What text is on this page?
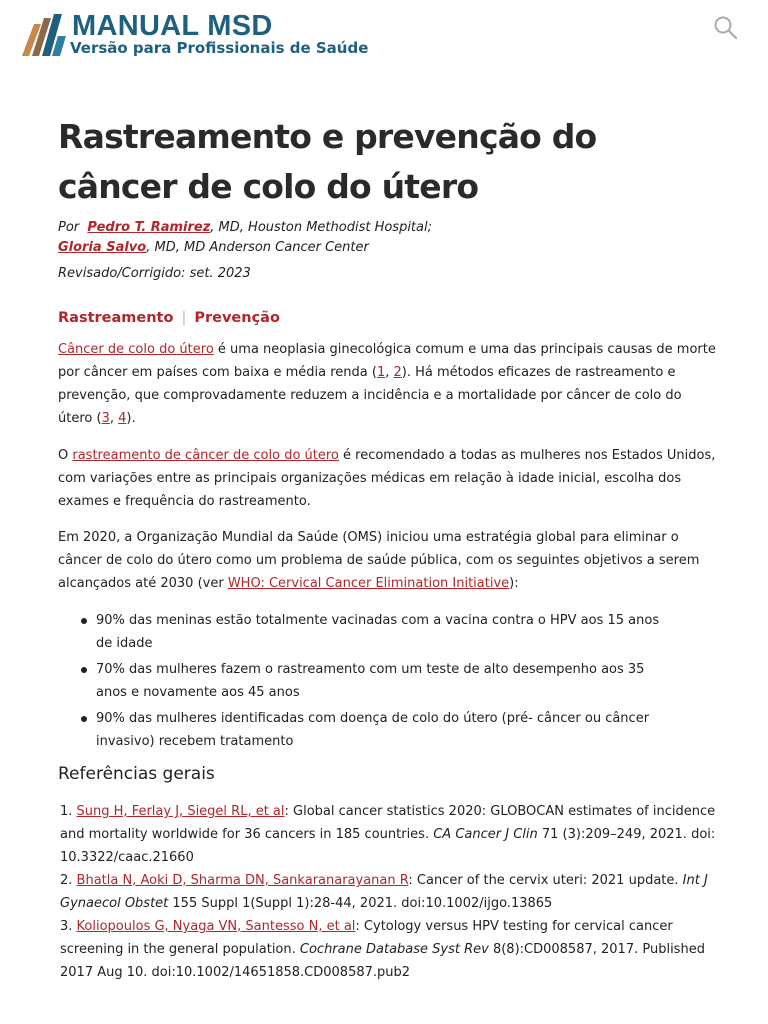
MANUAL MSD
Versão para Profissionais de Saúde
Rastreamento e prevenção do câncer de colo do útero
Por Pedro T. Ramirez, MD, Houston Methodist Hospital;
Gloria Salvo, MD, MD Anderson Cancer Center
Revisado/Corrigido: set. 2023
Rastreamento | Prevenção

Câncer de colo do útero é uma neoplasia ginecológica comum e uma das principais causas de morte por câncer em países com baixa e média renda (1, 2). Há métodos eficazes de rastreamento e prevenção, que comprovadamente reduzem a incidência e a mortalidade por câncer de colo do útero (3, 4).

O rastreamento de câncer de colo do útero é recomendado a todas as mulheres nos Estados Unidos, com variações entre as principais organizações médicas em relação à idade inicial, escolha dos exames e frequência do rastreamento.

Em 2020, a Organização Mundial da Saúde (OMS) iniciou uma estratégia global para eliminar o câncer de colo do útero como um problema de saúde pública, com os seguintes objetivos a serem alcançados até 2030 (ver WHO: Cervical Cancer Elimination Initiative):

90% das meninas estão totalmente vacinadas com a vacina contra o HPV aos 15 anos de idade
70% das mulheres fazem o rastreamento com um teste de alto desempenho aos 35 anos e novamente aos 45 anos
90% das mulheres identificadas com doença de colo do útero (pré- câncer ou câncer invasivo) recebem tratamento
Referências gerais

1. Sung H, Ferlay J, Siegel RL, et al: Global cancer statistics 2020: GLOBOCAN estimates of incidence and mortality worldwide for 36 cancers in 185 countries. CA Cancer J Clin 71 (3):209–249, 2021. doi: 10.3322/caac.21660

2. Bhatla N, Aoki D, Sharma DN, Sankaranarayanan R: Cancer of the cervix uteri: 2021 update. Int J Gynaecol Obstet 155 Suppl 1(Suppl 1):28-44, 2021. doi:10.1002/ijgo.13865

3. Koliopoulos G, Nyaga VN, Santesso N, et al: Cytology versus HPV testing for cervical cancer screening in the general population. Cochrane Database Syst Rev 8(8):CD008587, 2017. Published 2017 Aug 10. doi:10.1002/14651858.CD008587.pub2
